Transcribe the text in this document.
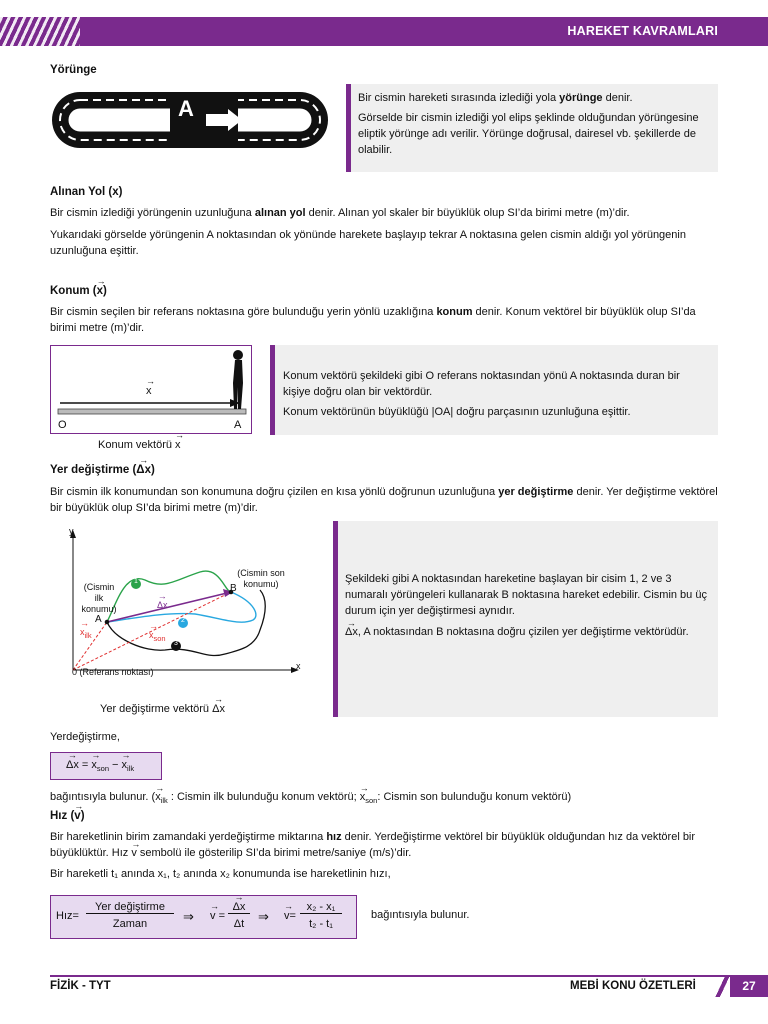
HAREKET KAVRAMLARI
Yörünge
A	Bir cismin hareketi sırasında izlediği yola yörünge denir.
Görselde bir cismin izlediği yol elips şeklinde olduğundan yörüngesine eliptik yörünge adı verilir. Yörünge doğrusal, dairesel vb. şekillerde de olabilir.
Alınan Yol (x)
Bir cismin izlediği yörüngenin uzunluğuna alınan yol denir. Alınan yol skaler bir büyüklük olup SI’da birimi metre (m)’dir.
Yukarıdaki görselde yörüngenin A noktasından ok yönünde harekete başlayıp tekrar A noktasına gelen cismin aldığı yol yörüngenin uzunluğuna eşittir.
Konum (→ x)
Bir cismin seçilen bir referans noktasına göre bulunduğu yerin yönlü uzaklığına konum denir. Konum vektörel bir büyüklük olup SI’da birimi metre (m)’dir.
→ x
O	A
Konum vektörü → x
Konum vektörü şekildeki gibi O referans noktasından yönü A noktasında duran bir kişiye doğru olan bir vektördür.
Konum vektörünün büyüklüğü |OA| doğru parçasının uzunluğuna eşittir.
Yer değiştirme (→ Δx)
Bir cismin ilk konumundan son konumuna doğru çizilen en kısa yönlü doğrunun uzunluğuna yer değiştirme denir. Yer değiştirme vektörel bir büyüklük olup SI’da birimi metre (m)’dir.
y
x
0 (Referans noktası)
(Cismin
ilk
konumu)
(Cismin son
konumu)
A
B
→ Δx
→ $x_{ilk}$	→ $x_{son}$
1
2
3
Yer değiştirme vektörü → Δx
Şekildeki gibi A noktasından hareketine başlayan bir cisim 1, 2 ve 3 numaralı yörüngeleri kullanarak B noktasına hareket edebilir. Cismin bu üç durum için yer değiştirmesi aynıdır.
→ Δx, A noktasından B noktasına doğru çizilen yer değiştirme vektörüdür.
Yerdeğiştirme,
→ Δx = → $x_{son}$ − → $x_{ilk}$
bağıntısıyla bulunur. (→ $x_{ilk}$ : Cismin ilk bulunduğu konum vektörü; → $x_{son}$: Cismin son bulunduğu konum vektörü)
Hız (→ v)
Bir hareketlinin birim zamandaki yerdeğiştirme miktarına hız denir. Yerdeğiştirme vektörel bir büyüklük olduğundan hız da vektörel bir büyüklüktür. Hız → v sembolü ile gösterilip SI’da birimi metre/saniye (m/s)’dir.
Bir hareketli t₁ anında x₁, t₂ anında x₂ konumunda ise hareketlinin hızı,
Hız=
Yer değiştirme
Zaman	⇒ → v =
→ Δx
Δt	⇒ → v=
x₂ - x₁
t₂ - t₁
bağıntısıyla bulunur.
FİZİK - TYT	MEBİ KONU ÖZETLERİ	27
